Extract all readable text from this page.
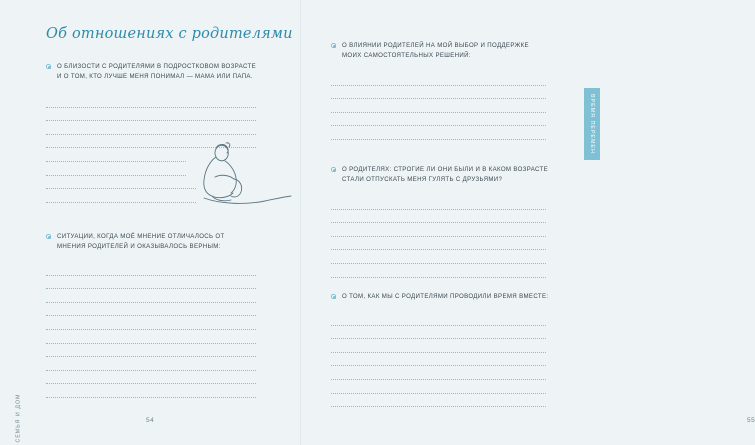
Об отношениях с родителями
О БЛИЗОСТИ С РОДИТЕЛЯМИ В ПОДРОСТКОВОМ ВОЗРАСТЕ И О ТОМ, КТО ЛУЧШЕ МЕНЯ ПОНИМАЛ — МАМА ИЛИ ПАПА.
СИТУАЦИИ, КОГДА МОЁ МНЕНИЕ ОТЛИЧАЛОСЬ ОТ МНЕНИЯ РОДИТЕЛЕЙ И ОКАЗЫВАЛОСЬ ВЕРНЫМ:
54
СЕМЬЯ И ДОМ
О ВЛИЯНИИ РОДИТЕЛЕЙ НА МОЙ ВЫБОР И ПОДДЕРЖКЕ МОИХ САМОСТОЯТЕЛЬНЫХ РЕШЕНИЙ:
О РОДИТЕЛЯХ: СТРОГИЕ ЛИ ОНИ БЫЛИ И В КАКОМ ВОЗРАСТЕ СТАЛИ ОТПУСКАТЬ МЕНЯ ГУЛЯТЬ С ДРУЗЬЯМИ?
О ТОМ, КАК МЫ С РОДИТЕЛЯМИ ПРОВОДИЛИ ВРЕМЯ ВМЕСТЕ:
55
ВРЕМЯ ПЕРЕМЕН
